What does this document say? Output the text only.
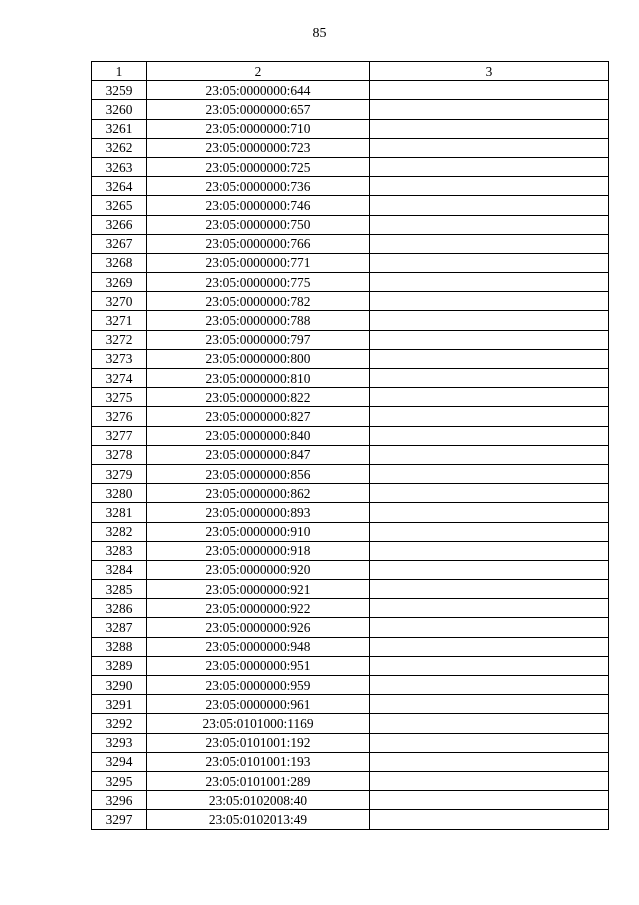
85
1	2	3
3259	23:05:0000000:644	
3260	23:05:0000000:657	
3261	23:05:0000000:710	
3262	23:05:0000000:723	
3263	23:05:0000000:725	
3264	23:05:0000000:736	
3265	23:05:0000000:746	
3266	23:05:0000000:750	
3267	23:05:0000000:766	
3268	23:05:0000000:771	
3269	23:05:0000000:775	
3270	23:05:0000000:782	
3271	23:05:0000000:788	
3272	23:05:0000000:797	
3273	23:05:0000000:800	
3274	23:05:0000000:810	
3275	23:05:0000000:822	
3276	23:05:0000000:827	
3277	23:05:0000000:840	
3278	23:05:0000000:847	
3279	23:05:0000000:856	
3280	23:05:0000000:862	
3281	23:05:0000000:893	
3282	23:05:0000000:910	
3283	23:05:0000000:918	
3284	23:05:0000000:920	
3285	23:05:0000000:921	
3286	23:05:0000000:922	
3287	23:05:0000000:926	
3288	23:05:0000000:948	
3289	23:05:0000000:951	
3290	23:05:0000000:959	
3291	23:05:0000000:961	
3292	23:05:0101000:1169	
3293	23:05:0101001:192	
3294	23:05:0101001:193	
3295	23:05:0101001:289	
3296	23:05:0102008:40	
3297	23:05:0102013:49	
